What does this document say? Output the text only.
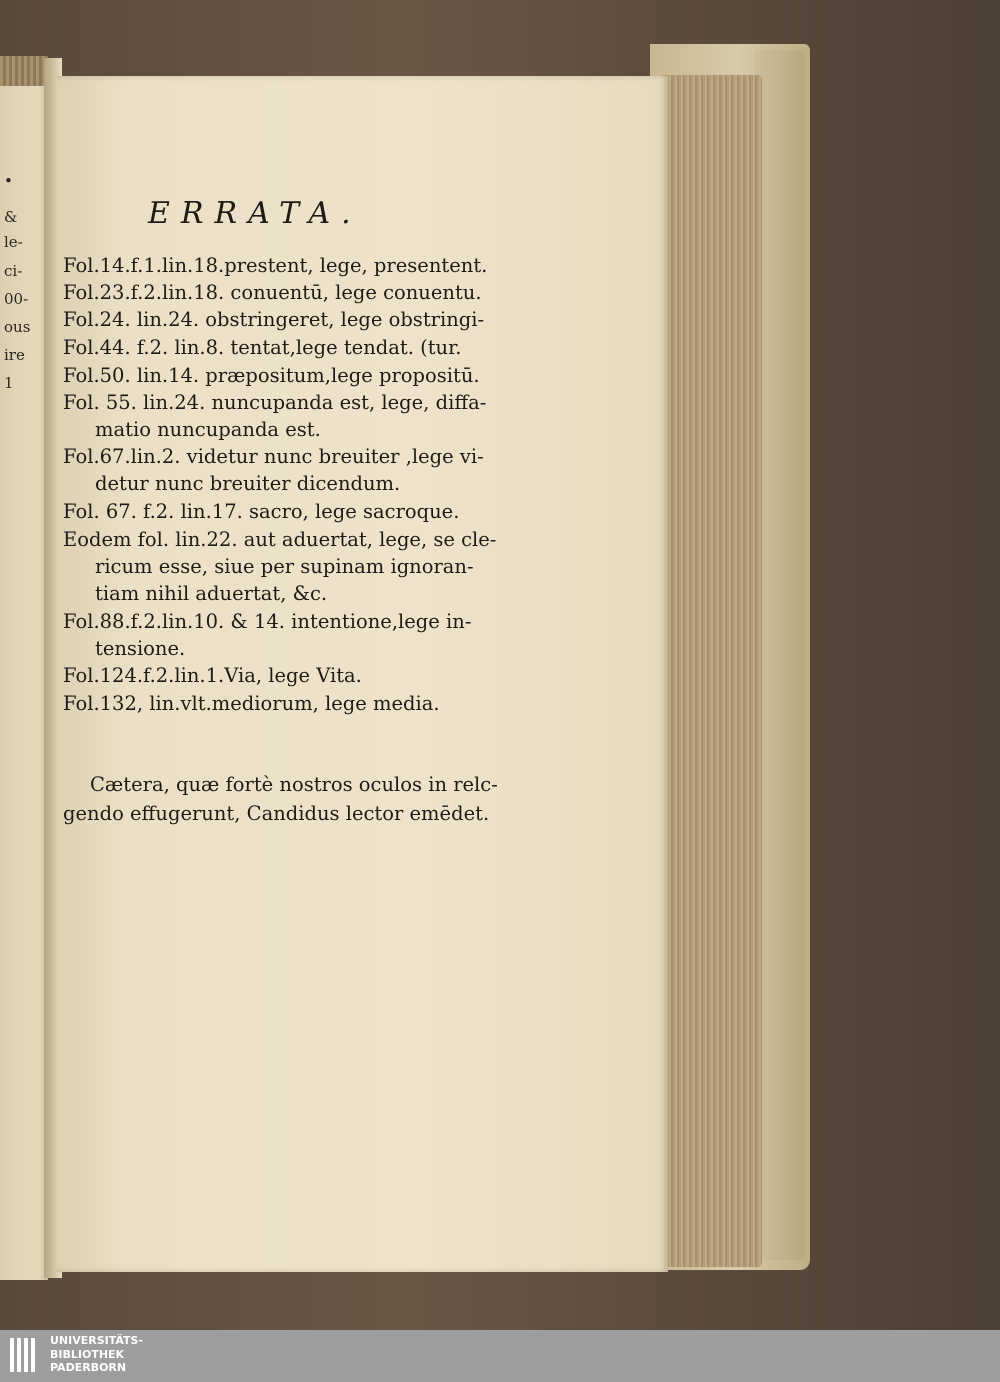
•
&
le-
ci-
00-
ous
ire
1
ERRATA.
Fol.14.f.1.lin.18.prestent, lege, presentent.
Fol.23.f.2.lin.18. conuentū, lege conuentu.
Fol.24. lin.24. obstringeret, lege obstringi-
Fol.44. f.2. lin.8. tentat,lege tendat. (tur.
Fol.50. lin.14. præpositum,lege propositū.
Fol. 55. lin.24. nuncupanda est, lege, diffa-
matio nuncupanda est.
Fol.67.lin.2. videtur nunc breuiter ,lege vi-
detur nunc breuiter dicendum.
Fol. 67. f.2. lin.17. sacro, lege sacroque.
Eodem fol. lin.22. aut aduertat, lege, se cle-
ricum esse, siue per supinam ignoran-
tiam nihil aduertat, &c.
Fol.88.f.2.lin.10. & 14. intentione,lege in-
tensione.
Fol.124.f.2.lin.1.Via, lege Vita.
Fol.132, lin.vlt.mediorum, lege media.
Cætera, quæ fortè nostros oculos in relc-
gendo effugerunt, Candidus lector emēdet.
UNIVERSITÄTS-
BIBLIOTHEK
PADERBORN
